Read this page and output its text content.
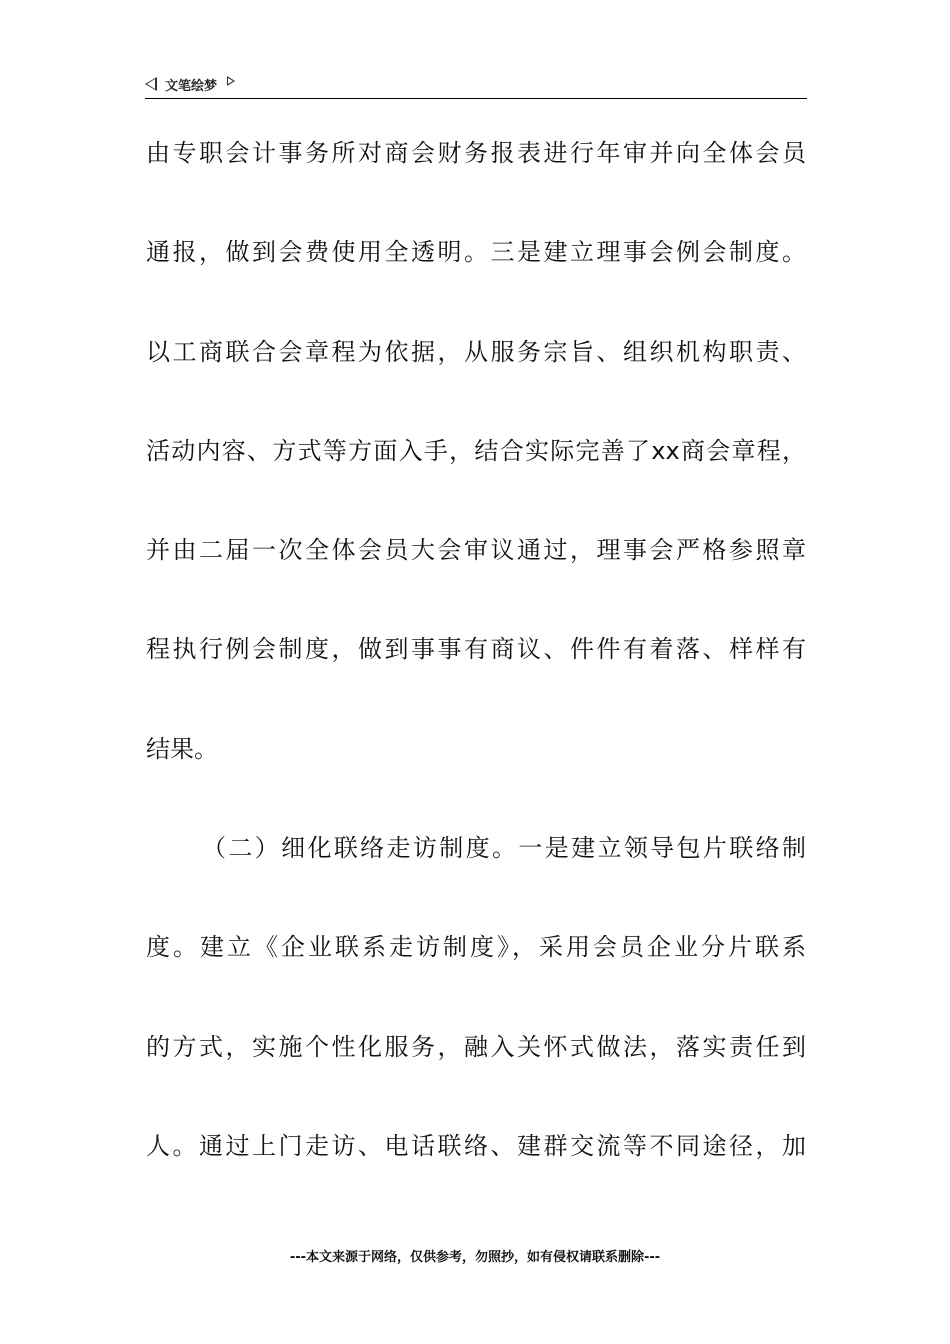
文笔绘梦
由专职会计事务所对商会财务报表进行年审并向全体会员
通报，做到会费使用全透明。三是建立理事会例会制度。
以工商联合会章程为依据，从服务宗旨、组织机构职责、
活动内容、方式等方面入手，结合实际完善了xx商会章程，
并由二届一次全体会员大会审议通过，理事会严格参照章
程执行例会制度，做到事事有商议、件件有着落、样样有
结果。
（二）细化联络走访制度。一是建立领导包片联络制
度。建立《企业联系走访制度》，采用会员企业分片联系
的方式，实施个性化服务，融入关怀式做法，落实责任到
人。通过上门走访、电话联络、建群交流等不同途径，加
---本文来源于网络，仅供参考，勿照抄，如有侵权请联系删除---
